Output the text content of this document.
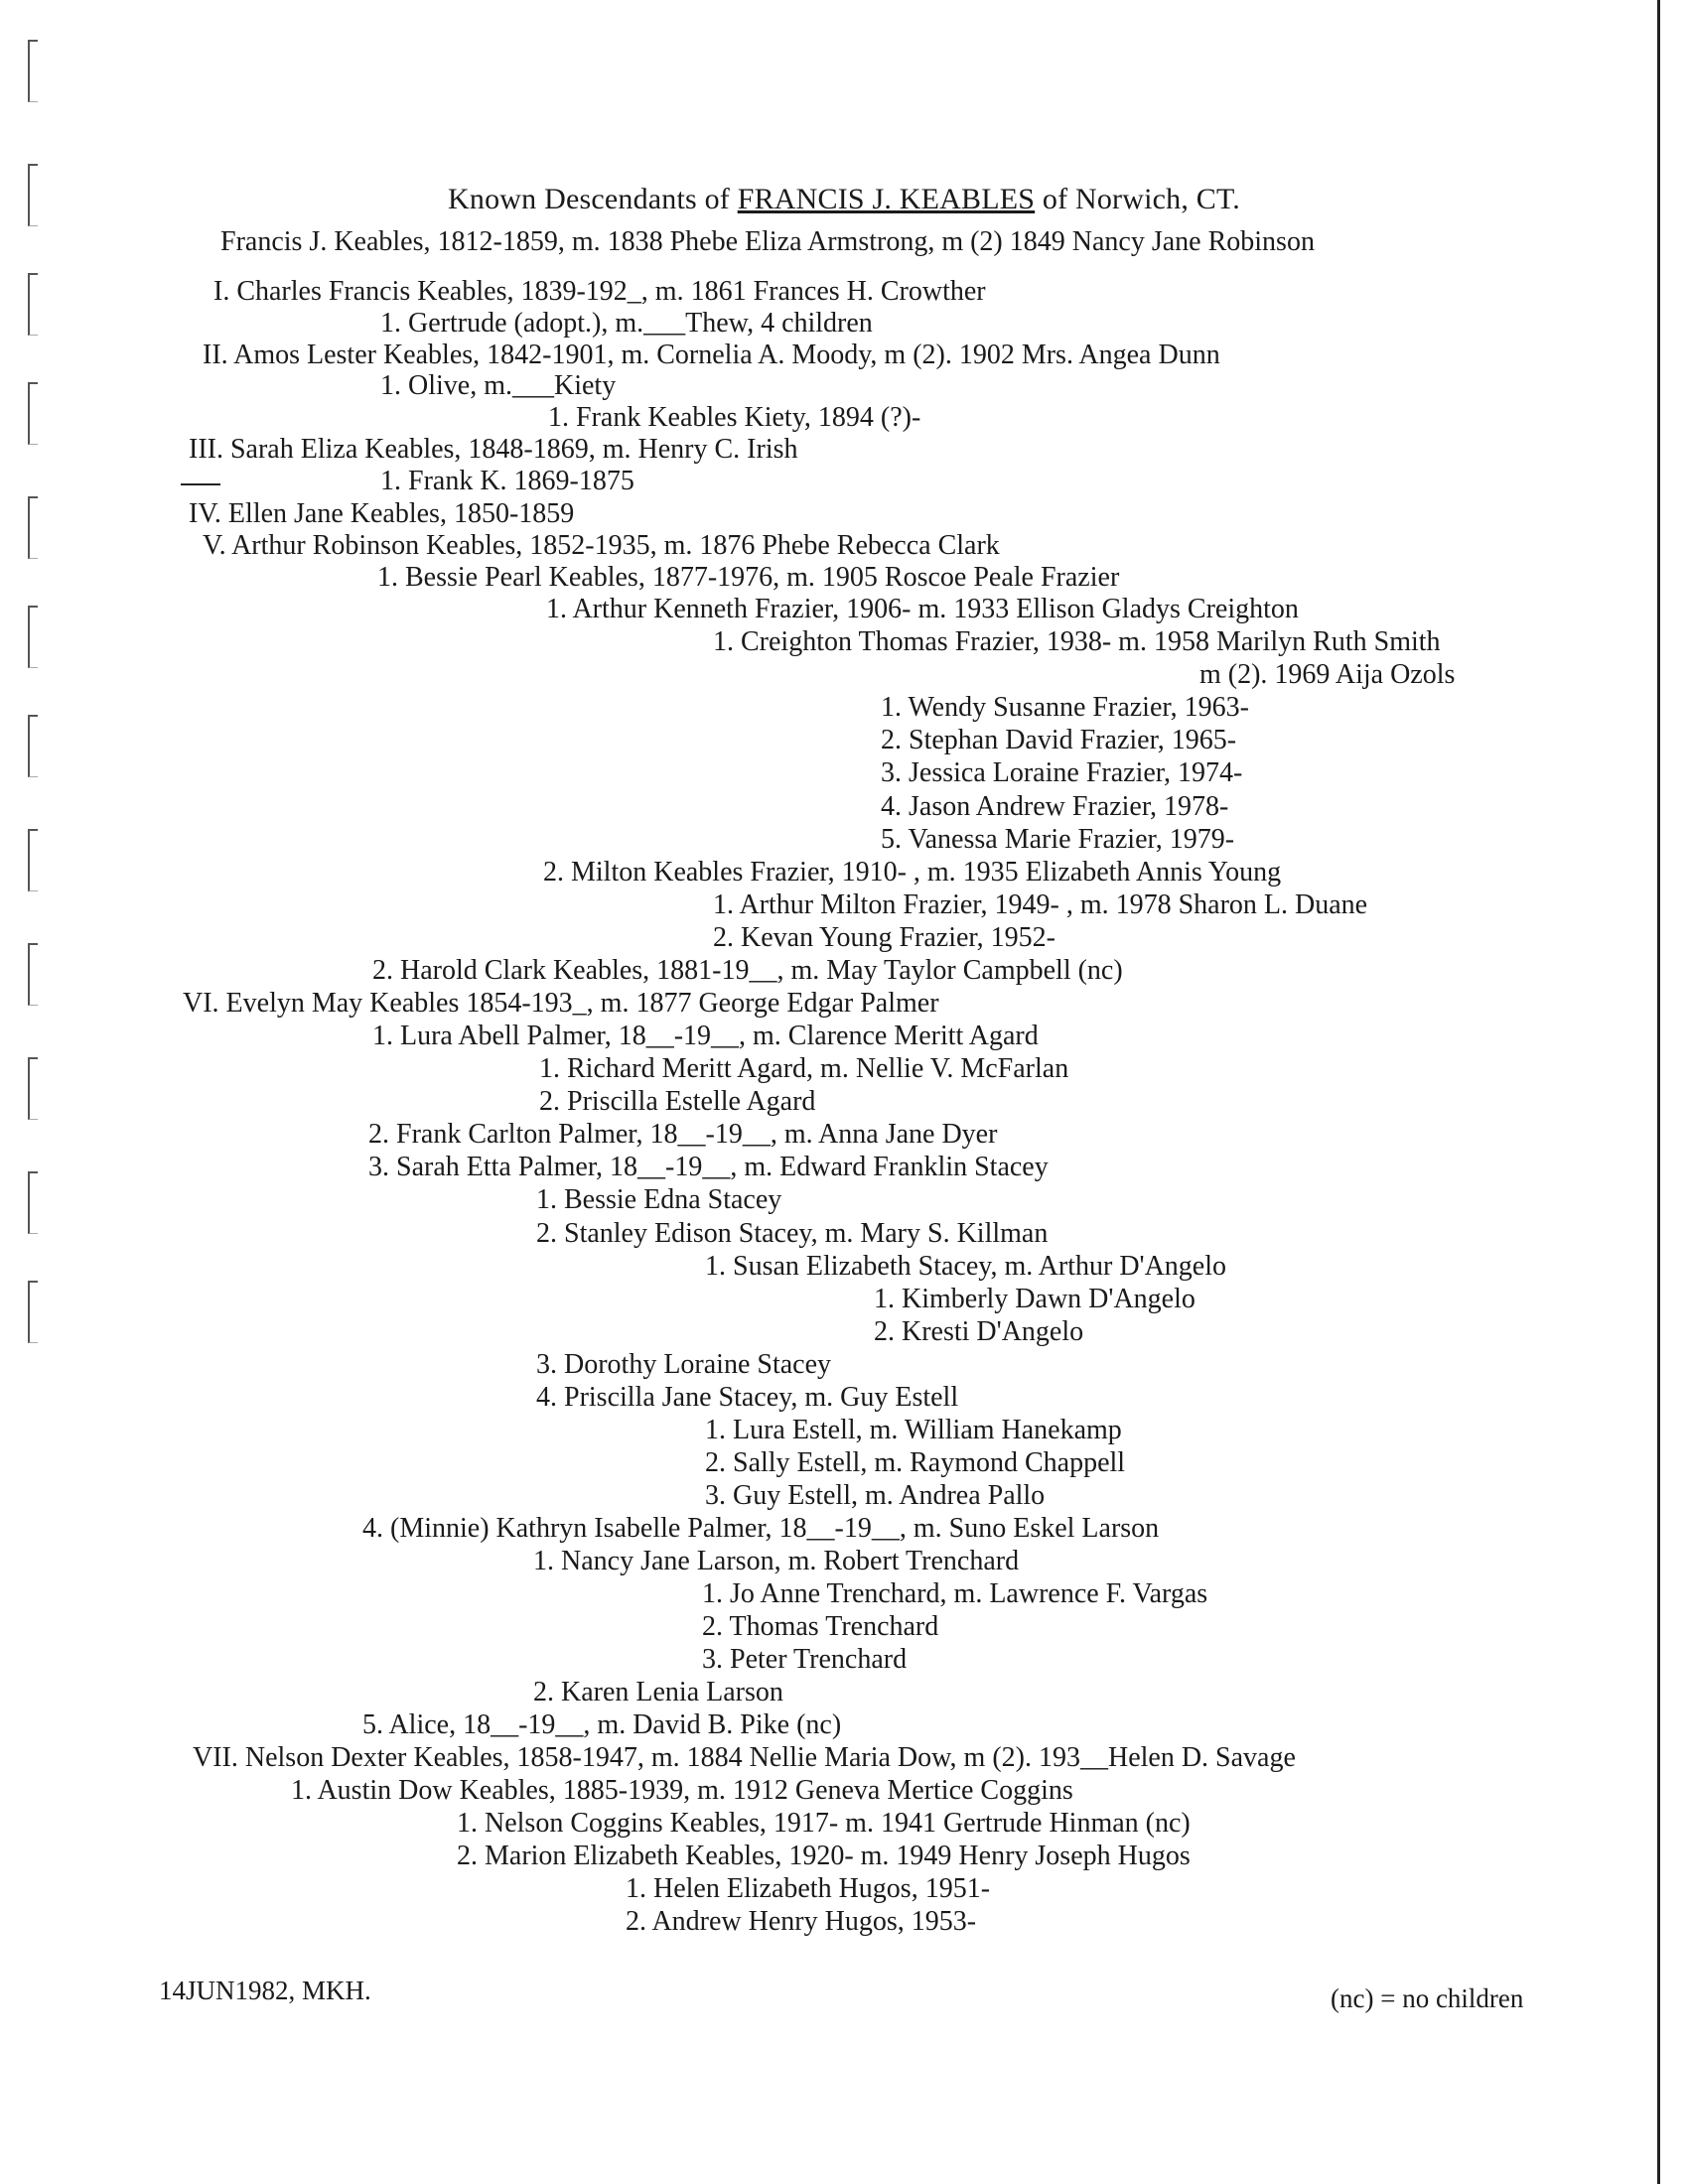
Known Descendants of FRANCIS J. KEABLES of Norwich, CT.
Francis J. Keables, 1812-1859, m. 1838 Phebe Eliza Armstrong, m (2) 1849 Nancy Jane Robinson
I. Charles Francis Keables, 1839-192_, m. 1861 Frances H. Crowther
1. Gertrude (adopt.), m.___Thew, 4 children
II. Amos Lester Keables, 1842-1901, m. Cornelia A. Moody, m (2). 1902 Mrs. Angea Dunn
1. Olive, m.___Kiety
1. Frank Keables Kiety, 1894 (?)-
III. Sarah Eliza Keables, 1848-1869, m. Henry C. Irish
1. Frank K. 1869-1875
IV. Ellen Jane Keables, 1850-1859
V. Arthur Robinson Keables, 1852-1935, m. 1876 Phebe Rebecca Clark
1. Bessie Pearl Keables, 1877-1976, m. 1905 Roscoe Peale Frazier
1. Arthur Kenneth Frazier, 1906- m. 1933 Ellison Gladys Creighton
1. Creighton Thomas Frazier, 1938- m. 1958 Marilyn Ruth Smith
m (2). 1969 Aija Ozols
1. Wendy Susanne Frazier, 1963-
2. Stephan David Frazier, 1965-
3. Jessica Loraine Frazier, 1974-
4. Jason Andrew Frazier, 1978-
5. Vanessa Marie Frazier, 1979-
2. Milton Keables Frazier, 1910- , m. 1935 Elizabeth Annis Young
1. Arthur Milton Frazier, 1949- , m. 1978 Sharon L. Duane
2. Kevan Young Frazier, 1952-
2. Harold Clark Keables, 1881-19__, m. May Taylor Campbell (nc)
VI. Evelyn May Keables 1854-193_, m. 1877 George Edgar Palmer
1. Lura Abell Palmer, 18__-19__, m. Clarence Meritt Agard
1. Richard Meritt Agard, m. Nellie V. McFarlan
2. Priscilla Estelle Agard
2. Frank Carlton Palmer, 18__-19__, m. Anna Jane Dyer
3. Sarah Etta Palmer, 18__-19__, m. Edward Franklin Stacey
1. Bessie Edna Stacey
2. Stanley Edison Stacey, m. Mary S. Killman
1. Susan Elizabeth Stacey, m. Arthur D'Angelo
1. Kimberly Dawn D'Angelo
2. Kresti D'Angelo
3. Dorothy Loraine Stacey
4. Priscilla Jane Stacey, m. Guy Estell
1. Lura Estell, m. William Hanekamp
2. Sally Estell, m. Raymond Chappell
3. Guy Estell, m. Andrea Pallo
4. (Minnie) Kathryn Isabelle Palmer, 18__-19__, m. Suno Eskel Larson
1. Nancy Jane Larson, m. Robert Trenchard
1. Jo Anne Trenchard, m. Lawrence F. Vargas
2. Thomas Trenchard
3. Peter Trenchard
2. Karen Lenia Larson
5. Alice, 18__-19__, m. David B. Pike (nc)
VII. Nelson Dexter Keables, 1858-1947, m. 1884 Nellie Maria Dow, m (2). 193__Helen D. Savage
1. Austin Dow Keables, 1885-1939, m. 1912 Geneva Mertice Coggins
1. Nelson Coggins Keables, 1917- m. 1941 Gertrude Hinman (nc)
2. Marion Elizabeth Keables, 1920- m. 1949 Henry Joseph Hugos
1. Helen Elizabeth Hugos, 1951-
2. Andrew Henry Hugos, 1953-
14JUN1982, MKH.	(nc) = no children
